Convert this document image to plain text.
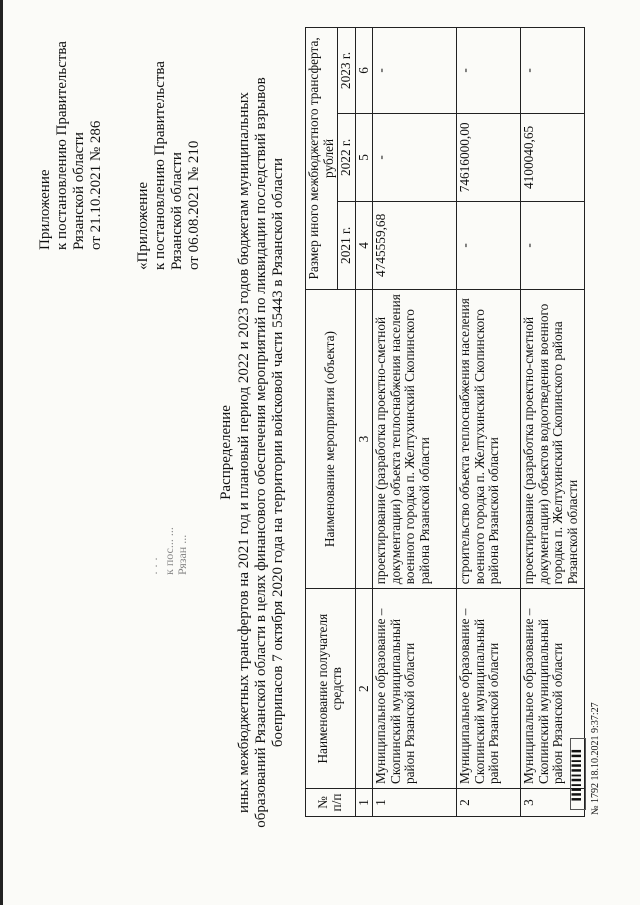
Приложение к постановлению Правительства Рязанской области от 21.10.2021 № 286 «Приложение к постановлению Правительства Рязанской области от 06.08.2021 № 210
· · ·
к пос... ...
Рязан ...
Распределение иных межбюджетных трансфертов на 2021 год и плановый период 2022 и 2023 годов бюджетам муниципальных образований Рязанской области в целях финансового обеспечения мероприятий по ликвидации последствий взрывов боеприпасов 7 октября 2020 года на территории войсковой части 55443 в Рязанской области
№ п/п	Наименование получателя средств	Наименование мероприятия (объекта)	Размер иного межбюджетного трансферта, рублей		
			2021 г.	2022 г.	2023 г.
1	2	3	4	5	6
1	Муниципальное образование – Скопинский муниципальный район Рязанской области	проектирование (разработка проектно-сметной документации) объекта теплоснабжения населения военного городка п. Желтухинский Скопинского района Рязанской области	4745559,68	-	-
2	Муниципальное образование – Скопинский муниципальный район Рязанской области	строительство объекта теплоснабжения населения военного городка п. Желтухинский Скопинского района Рязанской области	-	74616000,00	-
3	Муниципальное образование – Скопинский муниципальный район Рязанской области	проектирование (разработка проектно-сметной документации) объектов водоотведения военного городка п. Желтухинский Скопинского района Рязанской области	-	4100040,65	-
▌▌▌▍▌▍▌▌▍▌▌ № 1792 18.10.2021 9:37:27
